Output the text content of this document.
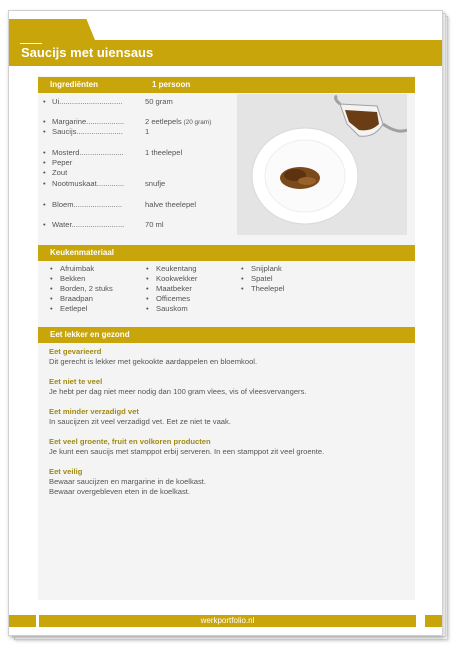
Saucijs met uiensaus
werkportfolio.nl
Ingrediënten	1 persoon
• Ui..............................	50 gram
• Margarine..................	2 eetlepels (20 gram)
• Saucijs......................	1
• Mosterd.....................	1 theelepel
• Peper
• Zout
• Nootmuskaat.............	snufje
• Bloem.......................	halve theelepel
• Water.........................	70 ml
Keukenmateriaal
• Afruimbak
• Bekken
• Borden, 2 stuks
• Braadpan
• Eetlepel
• Keukentang
• Kookwekker
• Maatbeker
• Officemes
• Sauskom
• Snijplank
• Spatel
• Theelepel
Eet lekker en gezond
Eet gevarieerd
Dit gerecht is lekker met gekookte aardappelen en bloemkool.
Eet niet te veel
Je hebt per dag niet meer nodig dan 100 gram vlees, vis of vleesvervangers.
Eet minder verzadigd vet
In saucijzen zit veel verzadigd vet. Eet ze niet te vaak.
Eet veel groente, fruit en volkoren producten
Je kunt een saucijs met stamppot erbij serveren. In een stamppot zit veel groente.
Eet veilig
Bewaar saucijzen en margarine in de koelkast.
Bewaar overgebleven eten in de koelkast.
